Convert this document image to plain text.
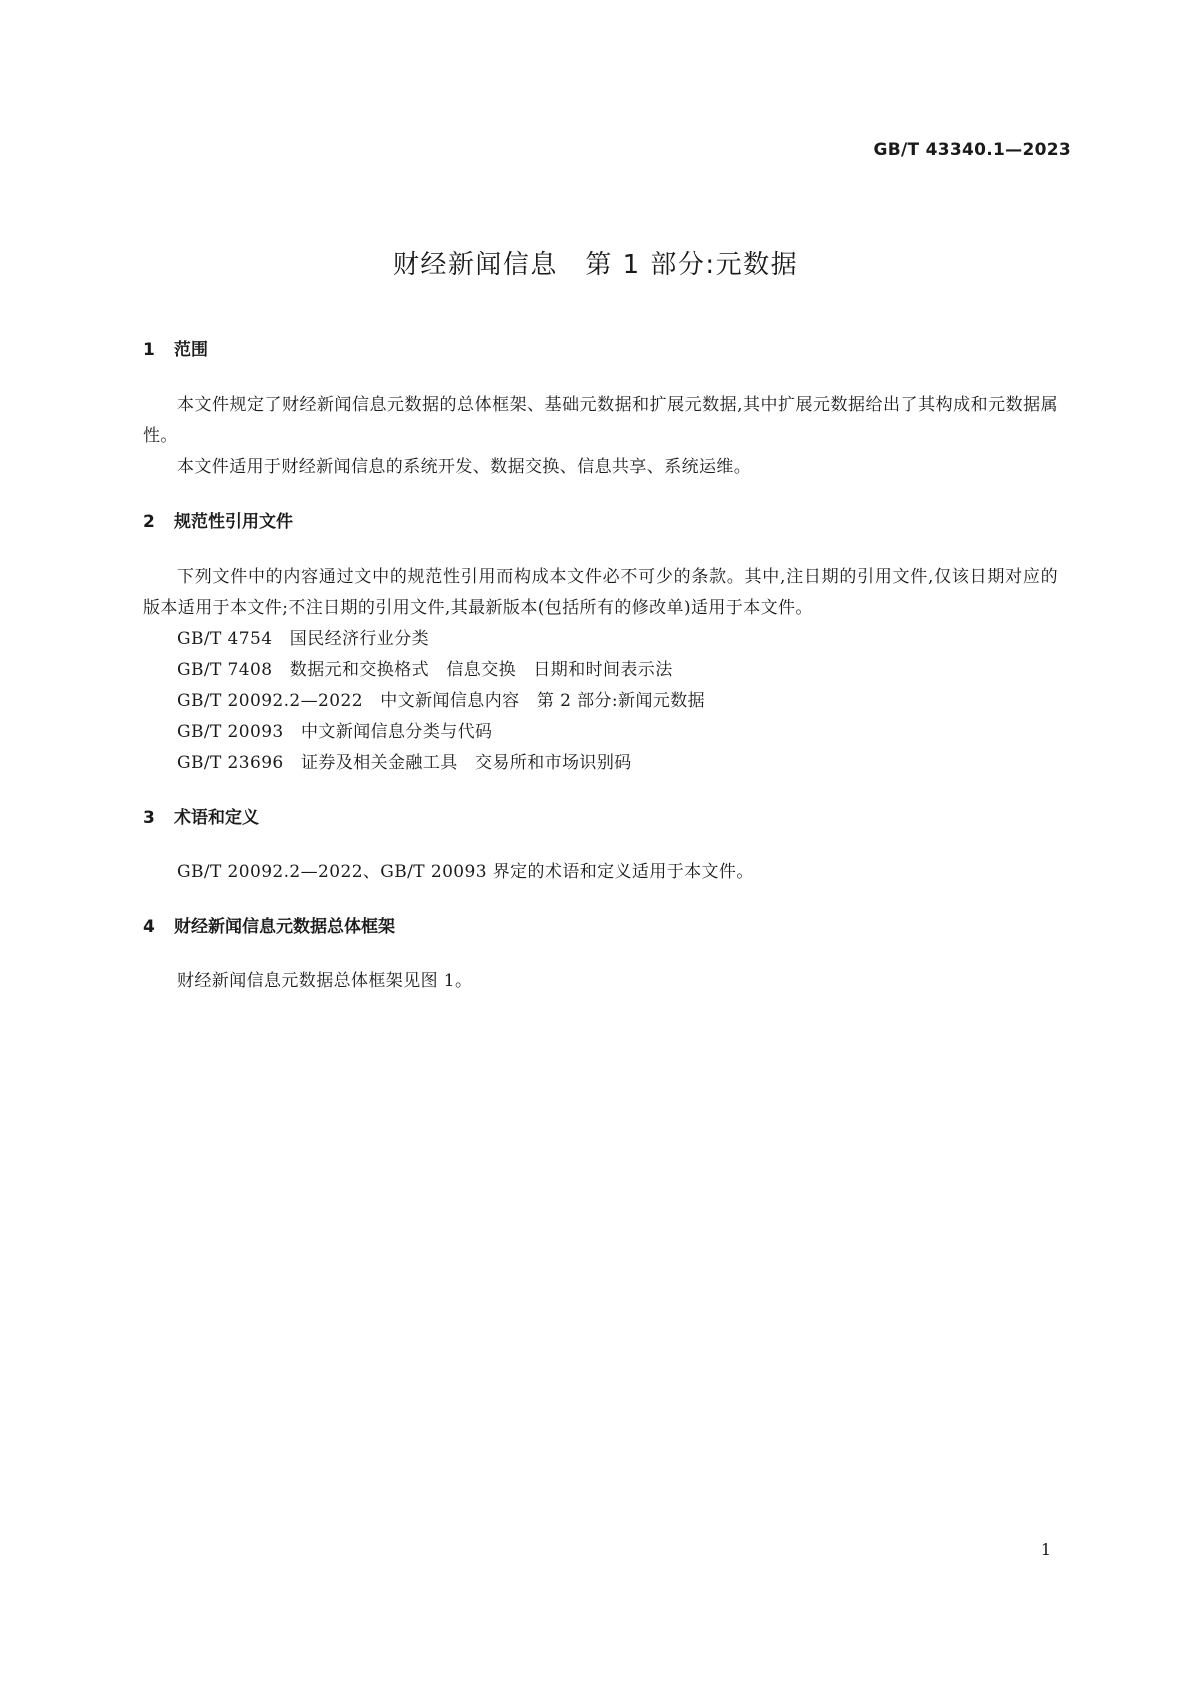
GB/T 43340.1—2023
财经新闻信息　第 1 部分:元数据
1 范围

本文件规定了财经新闻信息元数据的总体框架、基础元数据和扩展元数据,其中扩展元数据给出了其构成和元数据属性。

本文件适用于财经新闻信息的系统开发、数据交换、信息共享、系统运维。

2 规范性引用文件

下列文件中的内容通过文中的规范性引用而构成本文件必不可少的条款。其中,注日期的引用文件,仅该日期对应的版本适用于本文件;不注日期的引用文件,其最新版本(包括所有的修改单)适用于本文件。

GB/T 4754　国民经济行业分类

GB/T 7408　数据元和交换格式　信息交换　日期和时间表示法

GB/T 20092.2—2022　中文新闻信息内容　第 2 部分:新闻元数据

GB/T 20093　中文新闻信息分类与代码

GB/T 23696　证券及相关金融工具　交易所和市场识别码

3 术语和定义

GB/T 20092.2—2022、GB/T 20093 界定的术语和定义适用于本文件。

4 财经新闻信息元数据总体框架

财经新闻信息元数据总体框架见图 1。

1
